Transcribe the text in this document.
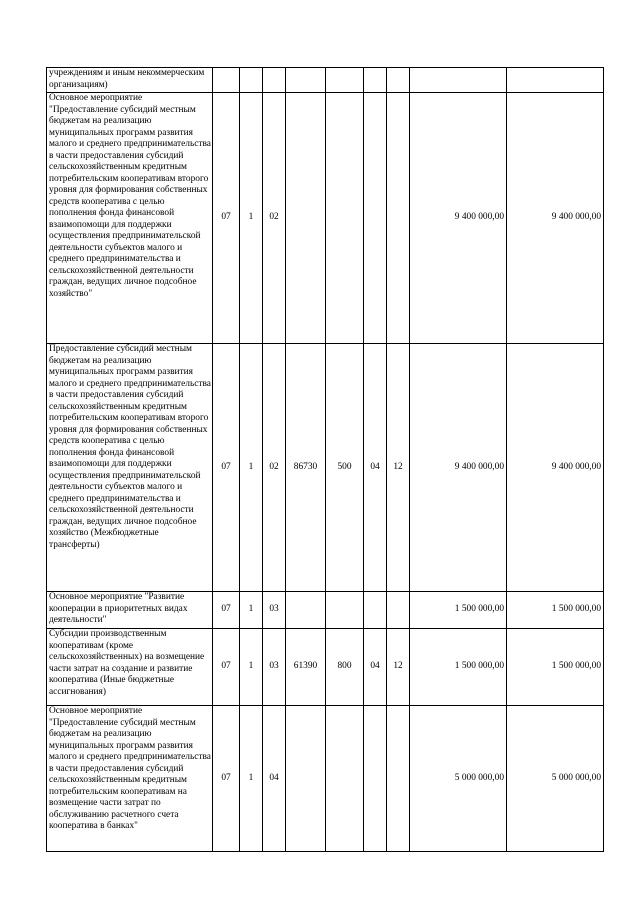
учреждениям и иным некоммерческим организациям)									
Основное мероприятие "Предоставление субсидий местным бюджетам на реализацию муниципальных программ развития малого и среднего предпринимательства в части предоставления субсидий сельскохозяйственным кредитным потребительским кооперативам второго уровня для формирования собственных средств кооператива с целью пополнения фонда финансовой взаимопомощи для поддержки осуществления предпринимательской деятельности субъектов малого и среднего предпринимательства и сельскохозяйственной деятельности граждан, ведущих личное подсобное хозяйство"	07	1	02					9 400 000,00	9 400 000,00
Предоставление субсидий местным бюджетам на реализацию муниципальных программ развития малого и среднего предпринимательства в части предоставления субсидий сельскохозяйственным кредитным потребительским кооперативам второго уровня для формирования собственных средств кооператива с целью пополнения фонда финансовой взаимопомощи для поддержки осуществления предпринимательской деятельности субъектов малого и среднего предпринимательства и сельскохозяйственной деятельности граждан, ведущих личное подсобное хозяйство (Межбюджетные трансферты)	07	1	02	86730	500	04	12	9 400 000,00	9 400 000,00
Основное мероприятие "Развитие кооперации в приоритетных видах деятельности"	07	1	03					1 500 000,00	1 500 000,00
Субсидии производственным кооперативам (кроме сельскохозяйственных) на возмещение части затрат на создание и развитие кооператива (Иные бюджетные ассигнования)	07	1	03	61390	800	04	12	1 500 000,00	1 500 000,00
Основное мероприятие "Предоставление субсидий местным бюджетам на реализацию муниципальных программ развития малого и среднего предпринимательства в части предоставления субсидий сельскохозяйственным кредитным потребительским кооперативам на возмещение части затрат по обслуживанию расчетного счета кооператива в банках"	07	1	04					5 000 000,00	5 000 000,00
